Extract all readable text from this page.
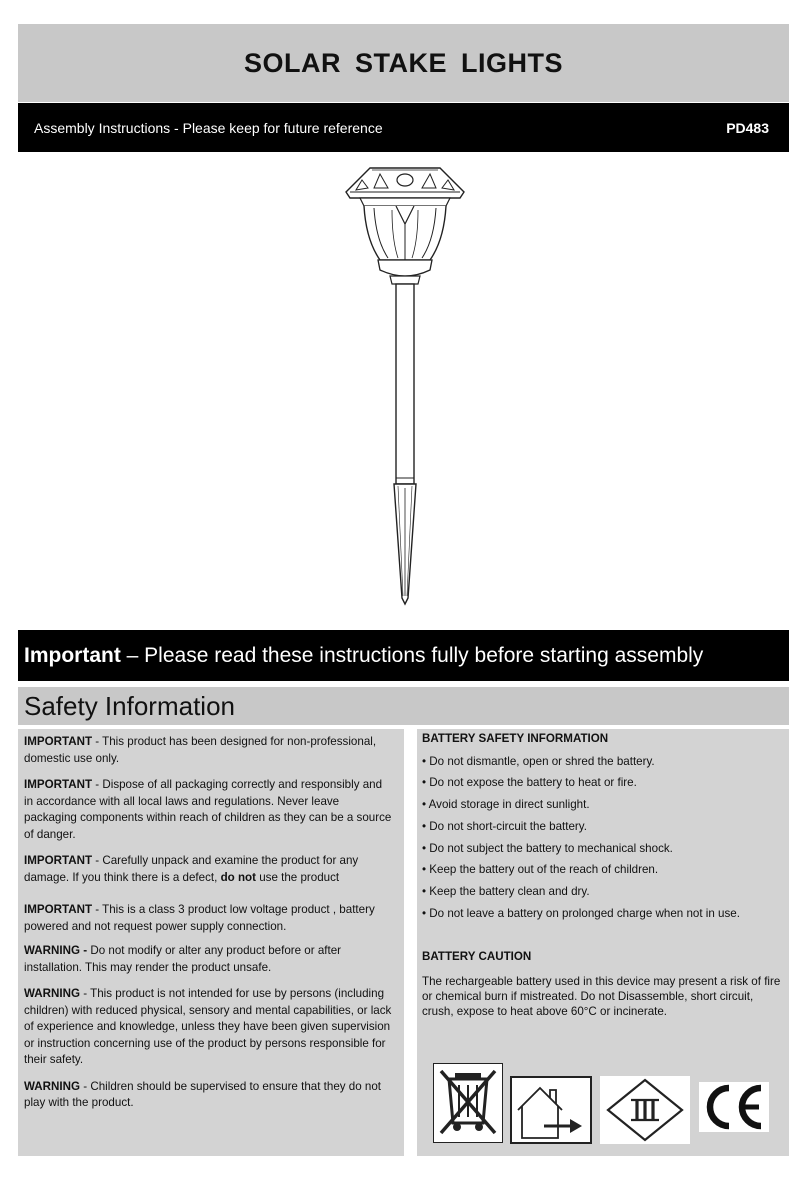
SOLAR STAKE LIGHTS
Assembly Instructions - Please keep for future reference	PD483
Important – Please read these instructions fully before starting assembly
Safety Information

IMPORTANT - This product has been designed for non-professional, domestic use only.

IMPORTANT - Dispose of all packaging correctly and responsibly and in accordance with all local laws and regulations. Never leave packaging components within reach of children as they can be a source of danger.

IMPORTANT - Carefully unpack and examine the product for any damage. If you think there is a defect, do not use the product

IMPORTANT - This is a class 3 product low voltage product , battery powered and not request power supply connection.

WARNING - Do not modify or alter any product before or after installation. This may render the product unsafe.

WARNING - This product is not intended for use by persons (including children) with reduced physical, sensory and mental capabilities, or lack of experience and knowledge, unless they have been given supervision or instruction concerning use of the product by persons responsible for their safety.

WARNING - Children should be supervised to ensure that they do not play with the product.

BATTERY SAFETY INFORMATION
• Do not dismantle, open or shred the battery.
• Do not expose the battery to heat or fire.
• Avoid storage in direct sunlight.
• Do not short-circuit the battery.
• Do not subject the battery to mechanical shock.
• Keep the battery out of the reach of children.
• Keep the battery clean and dry.
• Do not leave a battery on prolonged charge when not in use.
BATTERY CAUTION

The rechargeable battery used in this device may present a risk of fire or chemical burn if mistreated. Do not Disassemble, short circuit, crush, expose to heat above 60°C or incinerate.
